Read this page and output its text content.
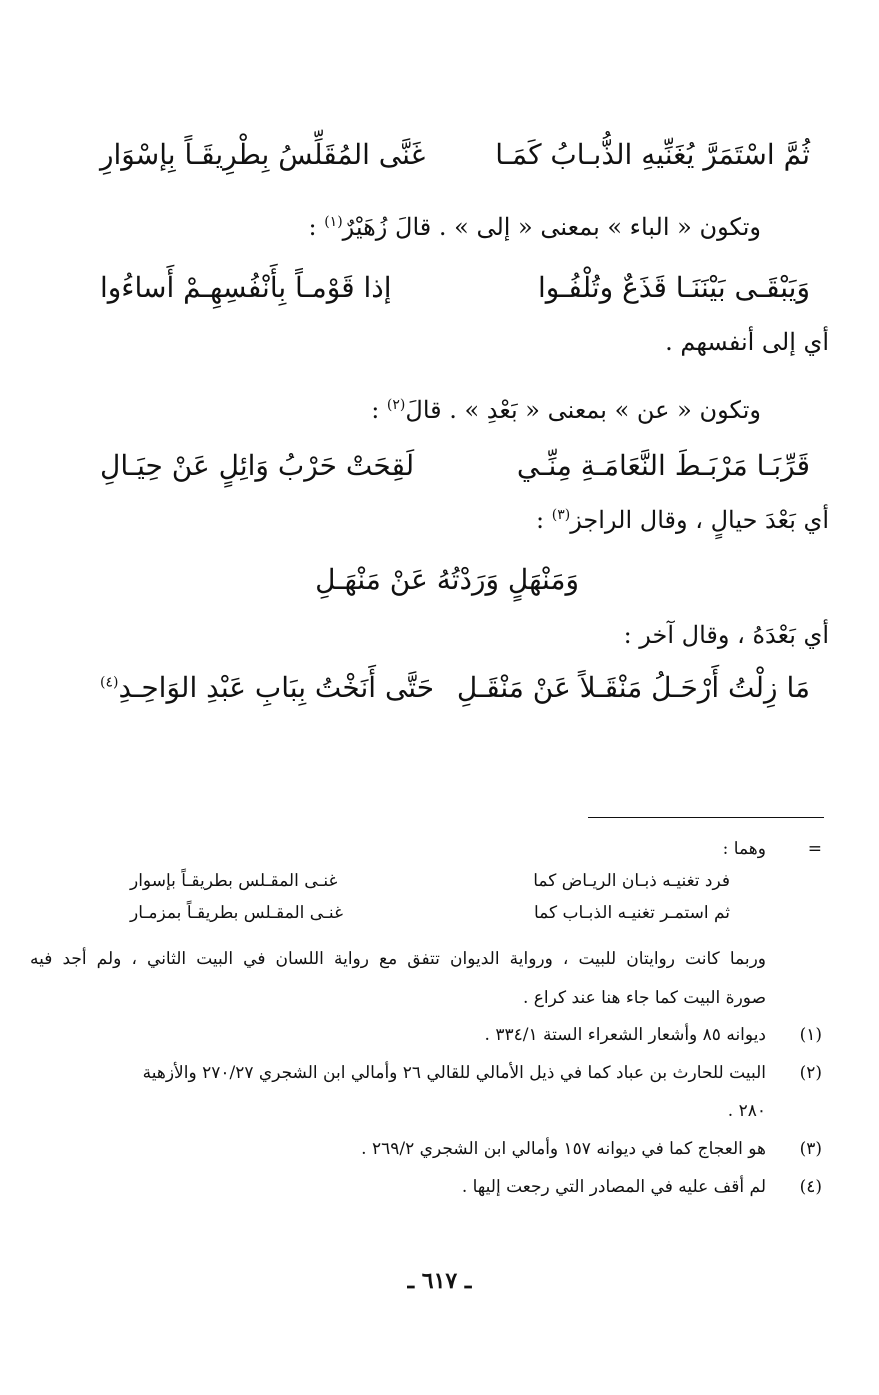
ثُمَّ اسْتَمَرَّ يُغَنِّيهِ الذُّبـابُ كَمَـا
غَنَّى المُقَلِّسُ بِطْرِيقَـاً بِإسْوَارِ
وتكون « الباء » بمعنى « إلى » . قالَ زُهَيْرٌ$^{(١)}$ :
وَيَبْقَـى بَيْنَنَـا قَذَعٌ وتُلْفُـوا
إذا قَوْمـاً بِأَنْفُسِهِـمْ أَساءُوا
أي إلى أنفسهم .
وتكون « عن » بمعنى « بَعْدِ » . قالَ$^{(٢)}$ :
قَرِّبَـا مَرْبَـطَ النَّعَامَـةِ مِنِّـي
لَقِحَتْ حَرْبُ وَائِلٍ عَنْ حِيَـالِ
أي بَعْدَ حيالٍ ، وقال الراجز$^{(٣)}$ :
وَمَنْهَلٍ وَرَدْتُهُ عَنْ مَنْهَـلِ
أي بَعْدَهُ ، وقال آخر :
مَا زِلْتُ أَرْحَـلُ مَنْقَـلاً عَنْ مَنْقَـلِ
حَتَّى أَنَخْتُ بِبَابِ عَبْدِ الوَاحِـدِ$^{(٤)}$
=
وهما :
فرد تغنيـه ذبـان الريـاض كما
غنـى المقـلس بطريقـاً بإسوار
ثم استمـر تغنيـه الذبـاب كما
غنـى المقـلس بطريقـاً بمزمـار
وربما كانت روايتان للبيت ، ورواية الديوان تتفق مع رواية اللسان في البيت الثاني ، ولم أجد فيه
صورة البيت كما جاء هنا عند كراع .
(١)
ديوانه ٨٥ وأشعار الشعراء الستة ٣٣٤/١ .
(٢)
البيت للحارث بن عباد كما في ذيل الأمالي للقالي ٢٦ وأمالي ابن الشجري ٢٧٠/٢٧ والأزهية
٢٨٠ .
(٣)
هو العجاج كما في ديوانه ١٥٧ وأمالي ابن الشجري ٢٦٩/٢ .
(٤)
لم أقف عليه في المصادر التي رجعت إليها .
ـ ٦١٧ ـ
